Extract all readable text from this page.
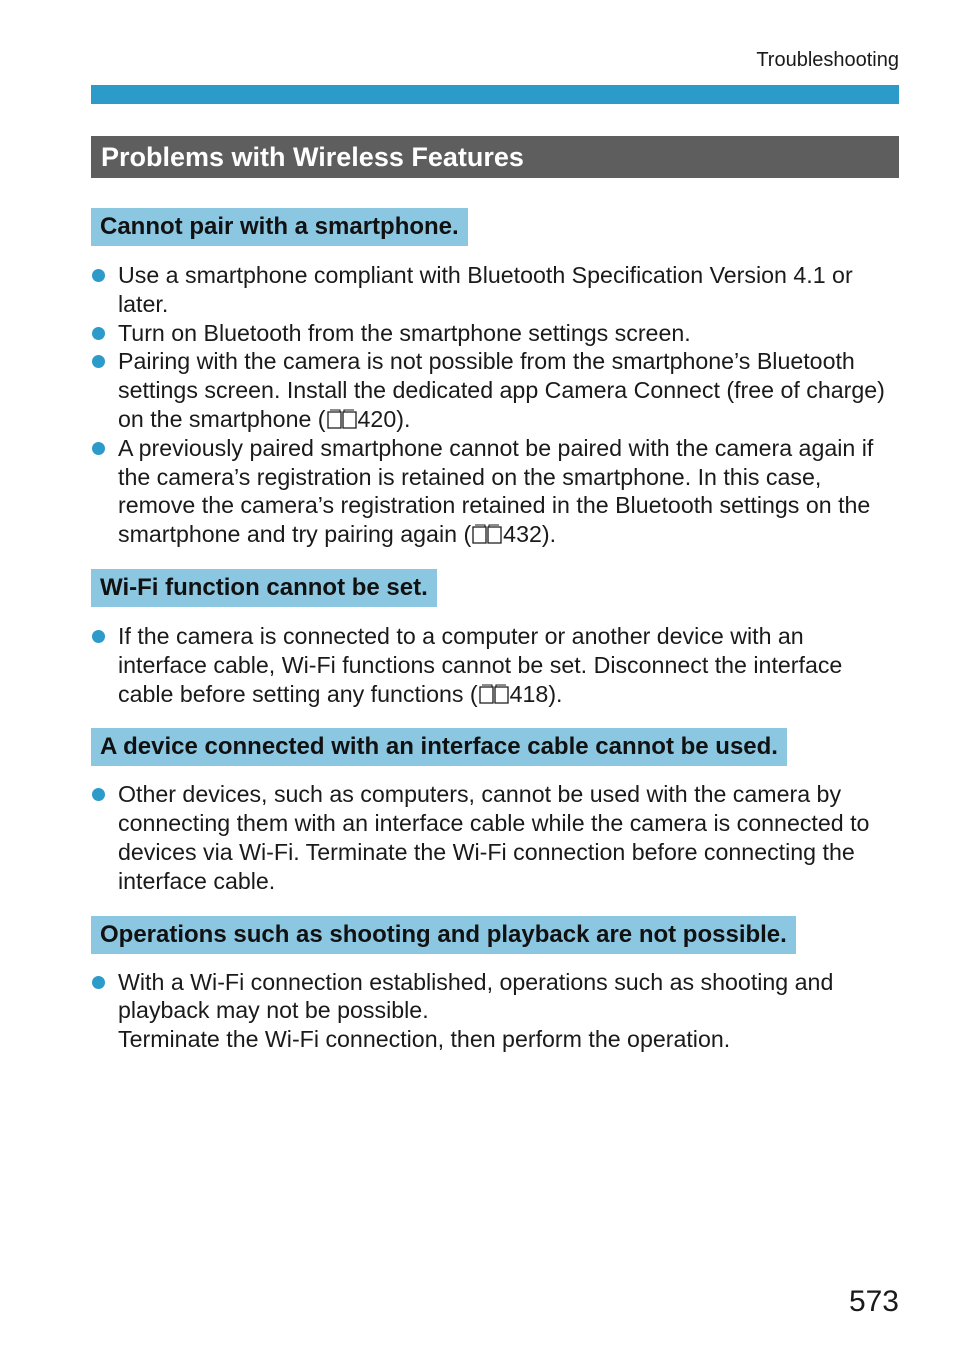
Troubleshooting
Problems with Wireless Features
Cannot pair with a smartphone.
Use a smartphone compliant with Bluetooth Specification Version 4.1 or later.
Turn on Bluetooth from the smartphone settings screen.
Pairing with the camera is not possible from the smartphone’s Bluetooth settings screen. Install the dedicated app Camera Connect (free of charge) on the smartphone ( 420).
A previously paired smartphone cannot be paired with the camera again if the camera’s registration is retained on the smartphone. In this case, remove the camera’s registration retained in the Bluetooth settings on the smartphone and try pairing again ( 432).
Wi-Fi function cannot be set.
If the camera is connected to a computer or another device with an interface cable, Wi-Fi functions cannot be set. Disconnect the interface cable before setting any functions ( 418).
A device connected with an interface cable cannot be used.
Other devices, such as computers, cannot be used with the camera by connecting them with an interface cable while the camera is connected to devices via Wi-Fi. Terminate the Wi-Fi connection before connecting the interface cable.
Operations such as shooting and playback are not possible.
With a Wi-Fi connection established, operations such as shooting and playback may not be possible.
Terminate the Wi-Fi connection, then perform the operation.
573
